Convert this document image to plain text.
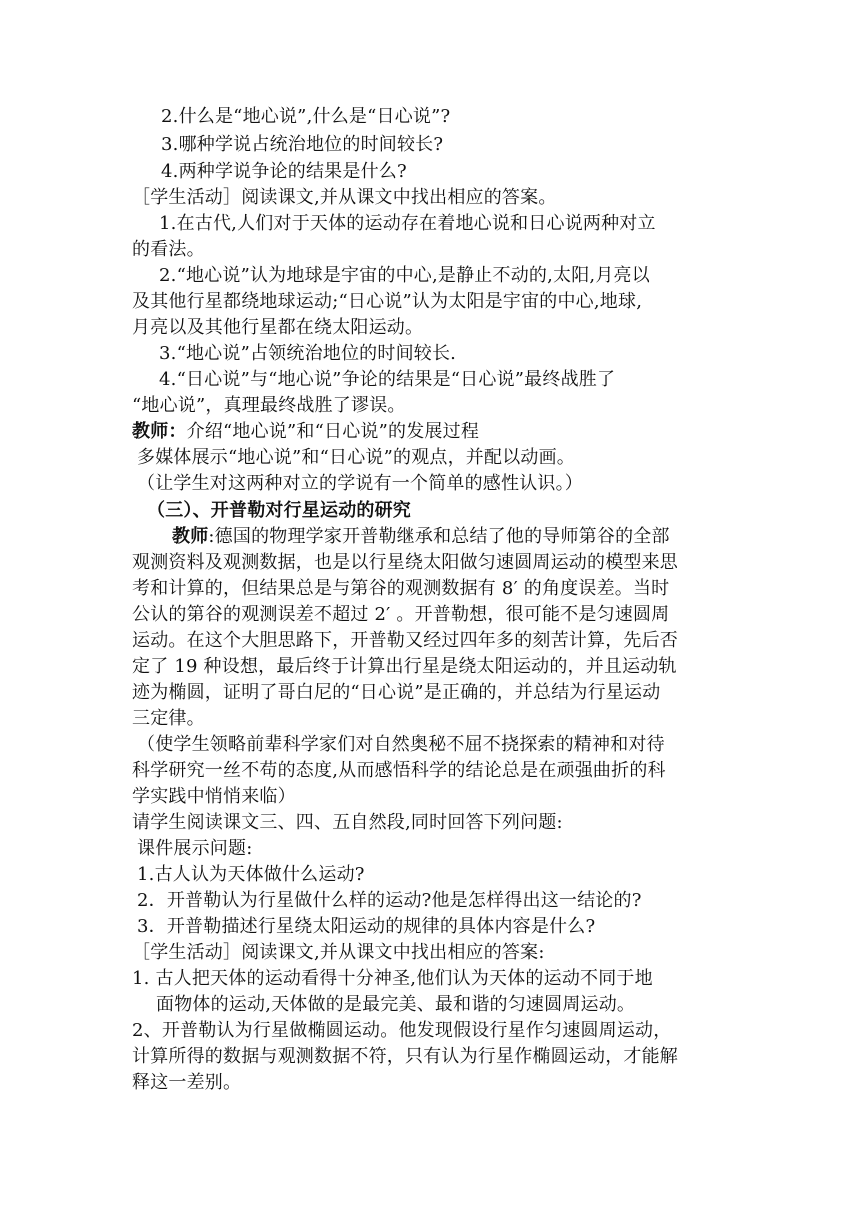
2.什么是“地心说”,什么是“日心说”?
3.哪种学说占统治地位的时间较长?
4.两种学说争论的结果是什么?
［学生活动］阅读课文,并从课文中找出相应的答案。
1.在古代,人们对于天体的运动存在着地心说和日心说两种对立
的看法。
2.“地心说”认为地球是宇宙的中心,是静止不动的,太阳,月亮以
及其他行星都绕地球运动;“日心说”认为太阳是宇宙的中心,地球,
月亮以及其他行星都在绕太阳运动。
3.“地心说”占领统治地位的时间较长.
4.“日心说”与“地心说”争论的结果是“日心说”最终战胜了
“地心说”，真理最终战胜了谬误。
教师：介绍“地心说”和“日心说”的发展过程
多媒体展示“地心说”和“日心说”的观点，并配以动画。
（让学生对这两种对立的学说有一个简单的感性认识。）
（三）、开普勒对行星运动的研究
教师:德国的物理学家开普勒继承和总结了他的导师第谷的全部
观测资料及观测数据，也是以行星绕太阳做匀速圆周运动的模型来思
考和计算的，但结果总是与第谷的观测数据有 8′ 的角度误差。当时
公认的第谷的观测误差不超过 2′ 。开普勒想，很可能不是匀速圆周
运动。在这个大胆思路下，开普勒又经过四年多的刻苦计算，先后否
定了 19 种设想，最后终于计算出行星是绕太阳运动的，并且运动轨
迹为椭圆，证明了哥白尼的“日心说”是正确的，并总结为行星运动
三定律。
（使学生领略前辈科学家们对自然奥秘不屈不挠探索的精神和对待
科学研究一丝不苟的态度,从而感悟科学的结论总是在顽强曲折的科
学实践中悄悄来临）
请学生阅读课文三、四、五自然段,同时回答下列问题:
课件展示问题:
1.古人认为天体做什么运动?
2．开普勒认为行星做什么样的运动?他是怎样得出这一结论的?
3．开普勒描述行星绕太阳运动的规律的具体内容是什么?
［学生活动］阅读课文,并从课文中找出相应的答案:
1. 古人把天体的运动看得十分神圣,他们认为天体的运动不同于地
面物体的运动,天体做的是最完美、最和谐的匀速圆周运动。
2、开普勒认为行星做椭圆运动。他发现假设行星作匀速圆周运动，
计算所得的数据与观测数据不符，只有认为行星作椭圆运动，才能解
释这一差别。
